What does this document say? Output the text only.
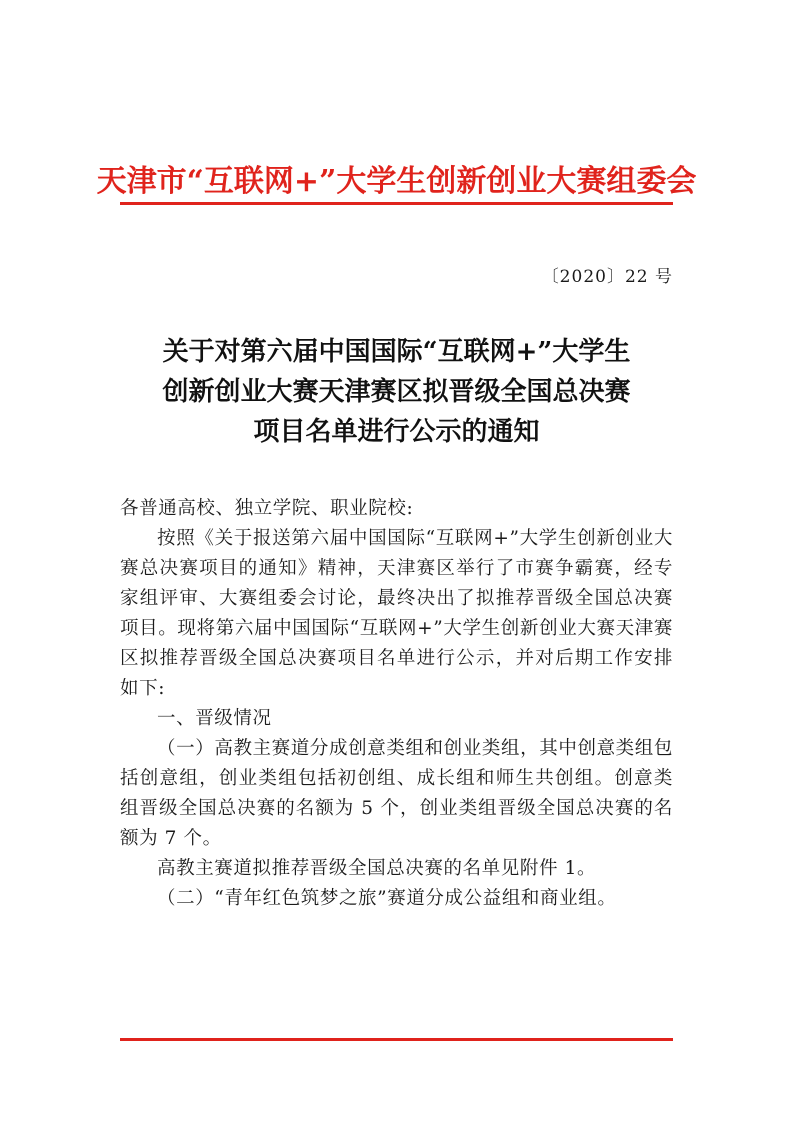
天津市“互联网+”大学生创新创业大赛组委会
〔2020〕22 号
关于对第六届中国国际“互联网+”大学生
创新创业大赛天津赛区拟晋级全国总决赛
项目名单进行公示的通知

各普通高校、独立学院、职业院校:

按照《关于报送第六届中国国际“互联网+”大学生创新创业大赛总决赛项目的通知》精神，天津赛区举行了市赛争霸赛，经专家组评审、大赛组委会讨论，最终决出了拟推荐晋级全国总决赛项目。现将第六届中国国际“互联网+”大学生创新创业大赛天津赛区拟推荐晋级全国总决赛项目名单进行公示，并对后期工作安排如下:

一、晋级情况

（一）高教主赛道分成创意类组和创业类组，其中创意类组包括创意组，创业类组包括初创组、成长组和师生共创组。创意类组晋级全国总决赛的名额为 5 个，创业类组晋级全国总决赛的名额为 7 个。

高教主赛道拟推荐晋级全国总决赛的名单见附件 1。

（二）“青年红色筑梦之旅”赛道分成公益组和商业组。
